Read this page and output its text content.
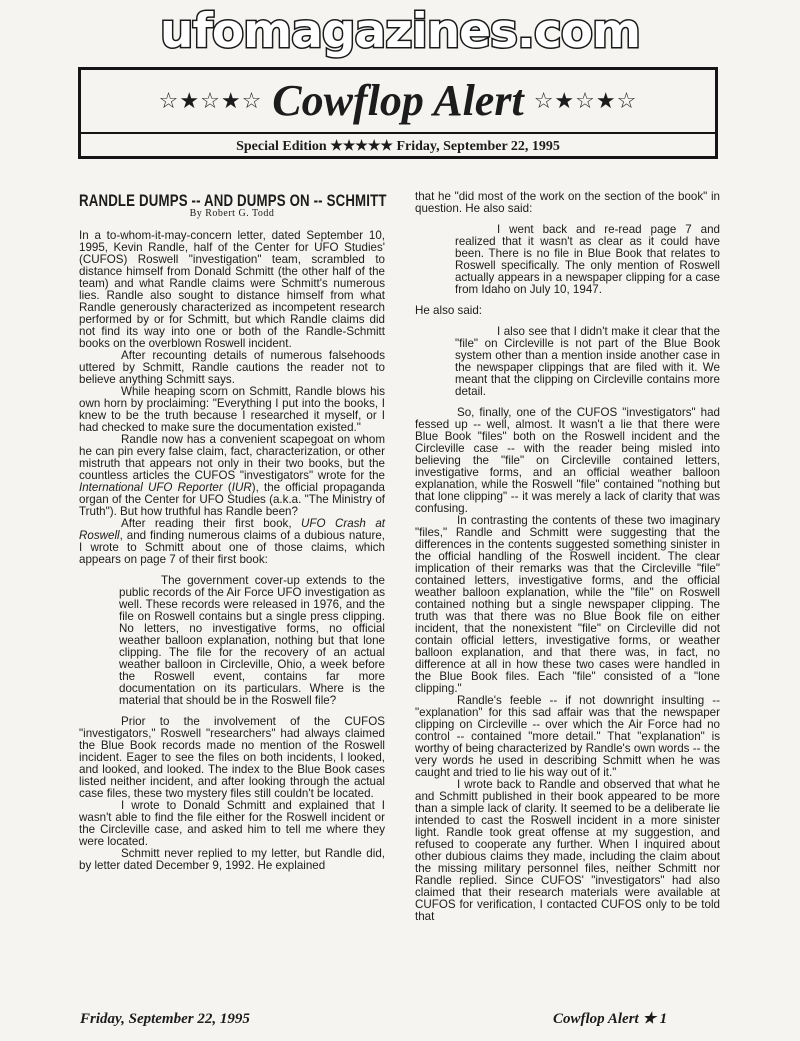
ufomagazines.com
☆★☆★☆ Cowflop Alert ☆★☆★☆
Special Edition ★★★★★ Friday, September 22, 1995
RANDLE DUMPS -- AND DUMPS ON -- SCHMITT
By Robert G. Todd

In a to-whom-it-may-concern letter, dated September 10, 1995, Kevin Randle, half of the Center for UFO Studies' (CUFOS) Roswell "investigation" team, scrambled to distance himself from Donald Schmitt (the other half of the team) and what Randle claims were Schmitt's numerous lies. Randle also sought to distance himself from what Randle generously characterized as incompetent research performed by or for Schmitt, but which Randle claims did not find its way into one or both of the Randle-Schmitt books on the overblown Roswell incident.

After recounting details of numerous falsehoods uttered by Schmitt, Randle cautions the reader not to believe anything Schmitt says.

While heaping scorn on Schmitt, Randle blows his own horn by proclaiming: "Everything I put into the books, I knew to be the truth because I researched it myself, or I had checked to make sure the documentation existed."

Randle now has a convenient scapegoat on whom he can pin every false claim, fact, characterization, or other mistruth that appears not only in their two books, but the countless articles the CUFOS "investigators" wrote for the International UFO Reporter (IUR), the official propaganda organ of the Center for UFO Studies (a.k.a. "The Ministry of Truth"). But how truthful has Randle been?

After reading their first book, UFO Crash at Roswell, and finding numerous claims of a dubious nature, I wrote to Schmitt about one of those claims, which appears on page 7 of their first book:

The government cover-up extends to the public records of the Air Force UFO investigation as well. These records were released in 1976, and the file on Roswell contains but a single press clipping. No letters, no investigative forms, no official weather balloon explanation, nothing but that lone clipping. The file for the recovery of an actual weather balloon in Circleville, Ohio, a week before the Roswell event, contains far more documentation on its particulars. Where is the material that should be in the Roswell file?

Prior to the involvement of the CUFOS "investigators," Roswell "researchers" had always claimed the Blue Book records made no mention of the Roswell incident. Eager to see the files on both incidents, I looked, and looked, and looked. The index to the Blue Book cases listed neither incident, and after looking through the actual case files, these two mystery files still couldn't be located.

I wrote to Donald Schmitt and explained that I wasn't able to find the file either for the Roswell incident or the Circleville case, and asked him to tell me where they were located.

Schmitt never replied to my letter, but Randle did, by letter dated December 9, 1992. He explained

that he "did most of the work on the section of the book" in question. He also said:

I went back and re-read page 7 and realized that it wasn't as clear as it could have been. There is no file in Blue Book that relates to Roswell specifically. The only mention of Roswell actually appears in a newspaper clipping for a case from Idaho on July 10, 1947.

He also said:

I also see that I didn't make it clear that the "file" on Circleville is not part of the Blue Book system other than a mention inside another case in the newspaper clippings that are filed with it. We meant that the clipping on Circleville contains more detail.

So, finally, one of the CUFOS "investigators" had fessed up -- well, almost. It wasn't a lie that there were Blue Book "files" both on the Roswell incident and the Circleville case -- with the reader being misled into believing the "file" on Circleville contained letters, investigative forms, and an official weather balloon explanation, while the Roswell "file" contained "nothing but that lone clipping" -- it was merely a lack of clarity that was confusing.

In contrasting the contents of these two imaginary "files," Randle and Schmitt were suggesting that the differences in the contents suggested something sinister in the official handling of the Roswell incident. The clear implication of their remarks was that the Circleville "file" contained letters, investigative forms, and the official weather balloon explanation, while the "file" on Roswell contained nothing but a single newspaper clipping. The truth was that there was no Blue Book file on either incident, that the nonexistent "file" on Circleville did not contain official letters, investigative forms, or weather balloon explanation, and that there was, in fact, no difference at all in how these two cases were handled in the Blue Book files. Each "file" consisted of a "lone clipping."

Randle's feeble -- if not downright insulting -- "explanation" for this sad affair was that the newspaper clipping on Circleville -- over which the Air Force had no control -- contained "more detail." That "explanation" is worthy of being characterized by Randle's own words -- the very words he used in describing Schmitt when he was caught and tried to lie his way out of it."

I wrote back to Randle and observed that what he and Schmitt published in their book appeared to be more than a simple lack of clarity. It seemed to be a deliberate lie intended to cast the Roswell incident in a more sinister light. Randle took great offense at my suggestion, and refused to cooperate any further. When I inquired about other dubious claims they made, including the claim about the missing military personnel files, neither Schmitt nor Randle replied. Since CUFOS' "investigators" had also claimed that their research materials were available at CUFOS for verification, I contacted CUFOS only to be told that

Friday, September 22, 1995	Cowflop Alert ★ 1
